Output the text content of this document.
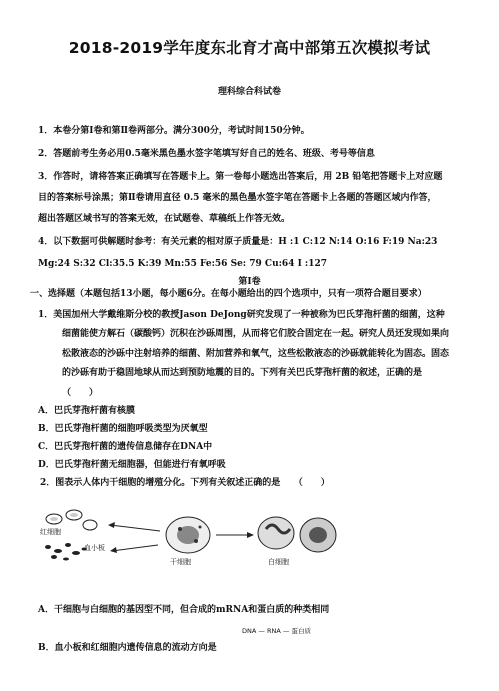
2018-2019学年度东北育才高中部第五次模拟考试
理科综合科试卷
1．本卷分第Ⅰ卷和第Ⅱ卷两部分。满分300分，考试时间150分钟。
2．答题前考生务必用0.5毫米黑色墨水签字笔填写好自己的姓名、班级、考号等信息
3．作答时，请将答案正确填写在答题卡上。第一卷每小题选出答案后，用 2B 铅笔把答题卡上对应题
目的答案标号涂黑；第Ⅱ卷请用直径 0.5 毫米的黑色墨水签字笔在答题卡上各题的答题区域内作答，
超出答题区域书写的答案无效，在试题卷、草稿纸上作答无效。
4．以下数据可供解题时参考：有关元素的相对原子质量是：H :1 C:12 N:14 O:16 F:19 Na:23
Mg:24 S:32 Cl:35.5 K:39 Mn:55 Fe:56 Se: 79 Cu:64 I :127
第Ⅰ卷
一、选择题（本题包括13小题，每小题6分。在每小题给出的四个选项中，只有一项符合题目要求）
1．美国加州大学戴维斯分校的教授Jason DeJong研究发现了一种被称为巴氏芽孢杆菌的细菌，这种
细菌能使方解石（碳酸钙）沉积在沙砾周围，从而将它们胶合固定在一起。研究人员还发现如果向
松散液态的沙砾中注射培养的细菌、附加营养和氧气，这些松散液态的沙砾就能转化为固态。固态
的沙砾有助于稳固地球从而达到预防地震的目的。下列有关巴氏芽孢杆菌的叙述，正确的是
（　　）
A．巴氏芽孢杆菌有核膜
B．巴氏芽孢杆菌的细胞呼吸类型为厌氧型
C．巴氏芽孢杆菌的遗传信息储存在DNA中
D．巴氏芽孢杆菌无细胞器，但能进行有氧呼吸
2．图表示人体内干细胞的增殖分化。下列有关叙述正确的是　　（　　）
红细胞
血小板
干细胞	白细胞
A．干细胞与白细胞的基因型不同，但合成的mRNA和蛋白质的种类相同
B．血小板和红细胞内遗传信息的流动方向是
DNA — RNA — 蛋白质
